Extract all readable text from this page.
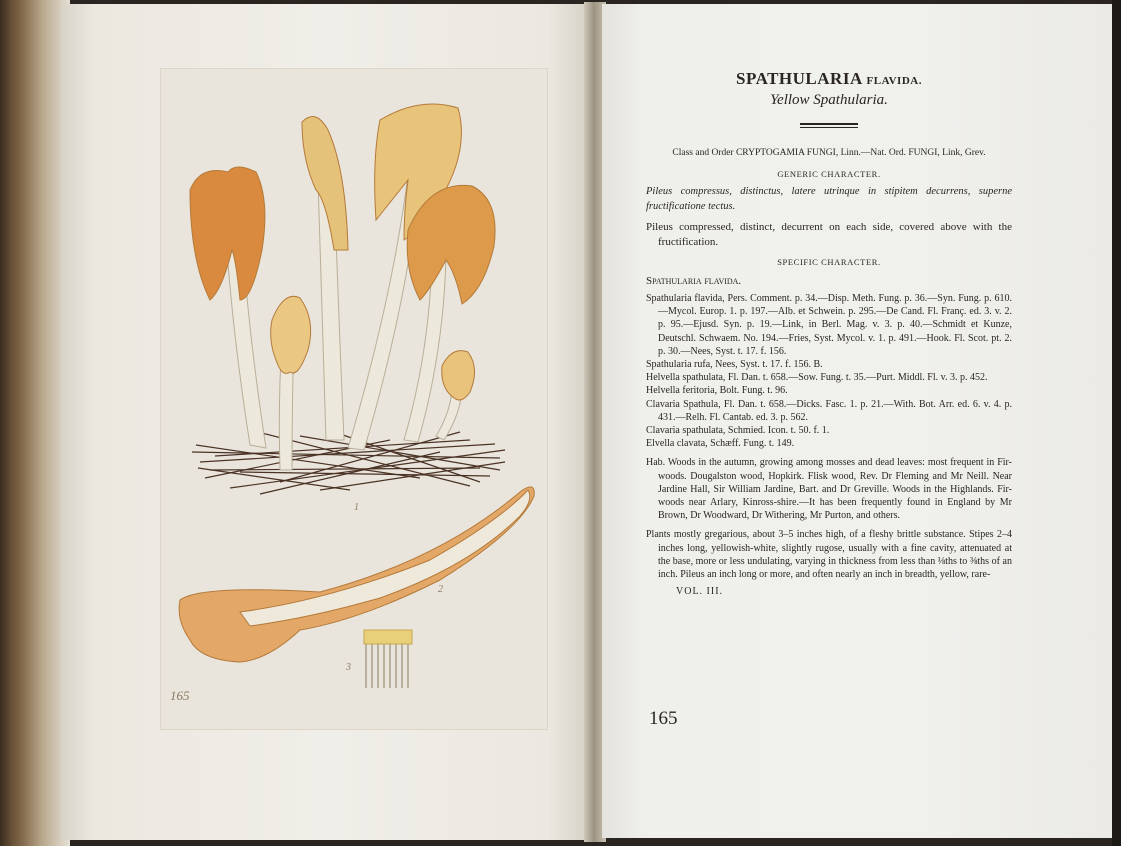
1
2
3
165

SPATHULARIA FLAVIDA.

Yellow Spathularia.

Class and Order CRYPTOGAMIA FUNGI, Linn.—Nat. Ord. FUNGI, Link, Grev.

GENERIC CHARACTER.

Pileus compressus, distinctus, latere utrinque in stipitem decurrens, superne fructificatione tectus.

Pileus compressed, distinct, decurrent on each side, covered above with the fructification.

SPECIFIC CHARACTER.

Spathularia flavida.

Spathularia flavida, Pers. Comment. p. 34.—Disp. Meth. Fung. p. 36.—Syn. Fung. p. 610.—Mycol. Europ. 1. p. 197.—Alb. et Schwein. p. 295.—De Cand. Fl. Franç. ed. 3. v. 2. p. 95.—Ejusd. Syn. p. 19.—Link, in Berl. Mag. v. 3. p. 40.—Schmidt et Kunze, Deutschl. Schwaem. No. 194.—Fries, Syst. Mycol. v. 1. p. 491.—Hook. Fl. Scot. pt. 2. p. 30.—Nees, Syst. t. 17. f. 156.

Spathularia rufa, Nees, Syst. t. 17. f. 156. B.

Helvella spathulata, Fl. Dan. t. 658.—Sow. Fung. t. 35.—Purt. Middl. Fl. v. 3. p. 452.

Helvella feritoria, Bolt. Fung. t. 96.

Clavaria Spathula, Fl. Dan. t. 658.—Dicks. Fasc. 1. p. 21.—With. Bot. Arr. ed. 6. v. 4. p. 431.—Relh. Fl. Cantab. ed. 3. p. 562.

Clavaria spathulata, Schmied. Icon. t. 50. f. 1.

Elvella clavata, Schæff. Fung. t. 149.

Hab. Woods in the autumn, growing among mosses and dead leaves: most frequent in Fir-woods. Dougalston wood, Hopkirk. Flisk wood, Rev. Dr Fleming and Mr Neill. Near Jardine Hall, Sir William Jardine, Bart. and Dr Greville. Woods in the Highlands. Fir-woods near Arlary, Kinross-shire.—It has been frequently found in England by Mr Brown, Dr Woodward, Dr Withering, Mr Purton, and others.

Plants mostly gregarious, about 3–5 inches high, of a fleshy brittle substance. Stipes 2–4 inches long, yellowish-white, slightly rugose, usually with a fine cavity, attenuated at the base, more or less undulating, varying in thickness from less than ⅛ths to ⅜ths of an inch. Pileus an inch long or more, and often nearly an inch in breadth, yellow, rare-

VOL. III.

165
